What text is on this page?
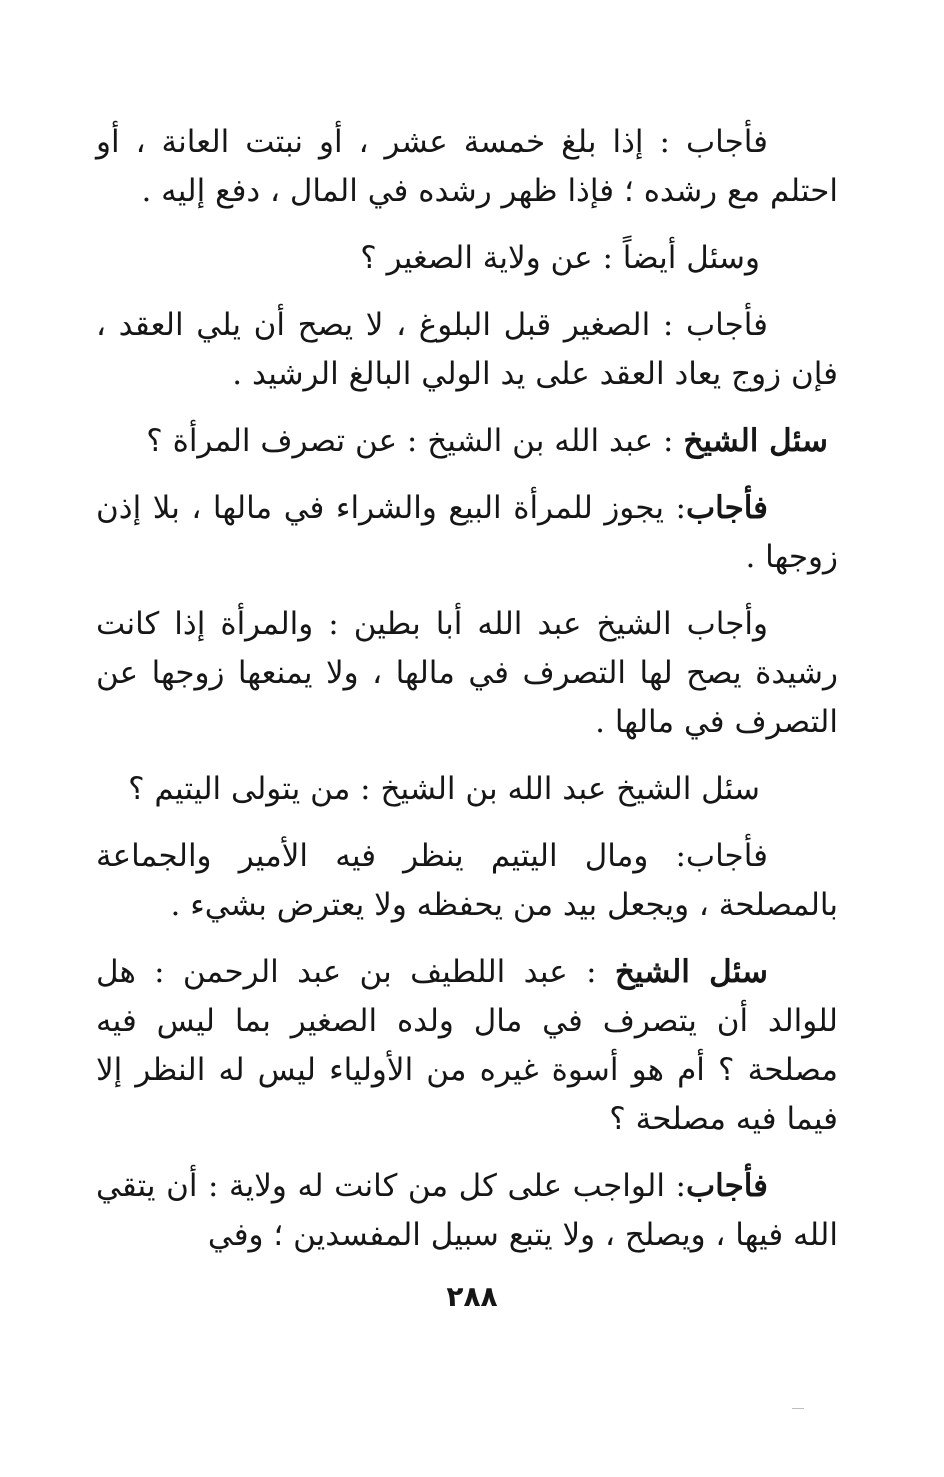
فأجاب : إذا بلغ خمسة عشر ، أو نبتت العانة ، أو احتلم مع رشده ؛ فإذا ظهر رشده في المال ، دفع إليه .

وسئل أيضاً : عن ولاية الصغير ؟

فأجاب : الصغير قبل البلوغ ، لا يصح أن يلي العقد ، فإن زوج يعاد العقد على يد الولي البالغ الرشيد .

سئل الشيخ : عبد الله بن الشيخ : عن تصرف المرأة ؟

فأجاب: يجوز للمرأة البيع والشراء في مالها ، بلا إذن زوجها .

وأجاب الشيخ عبد الله أبا بطين : والمرأة إذا كانت رشيدة يصح لها التصرف في مالها ، ولا يمنعها زوجها عن التصرف في مالها .

سئل الشيخ عبد الله بن الشيخ : من يتولى اليتيم ؟

فأجاب: ومال اليتيم ينظر فيه الأمير والجماعة بالمصلحة ، ويجعل بيد من يحفظه ولا يعترض بشيء .

سئل الشيخ : عبد اللطيف بن عبد الرحمن : هل للوالد أن يتصرف في مال ولده الصغير بما ليس فيه مصلحة ؟ أم هو أسوة غيره من الأولياء ليس له النظر إلا فيما فيه مصلحة ؟

فأجاب: الواجب على كل من كانت له ولاية : أن يتقي الله فيها ، ويصلح ، ولا يتبع سبيل المفسدين ؛ وفي

٢٨٨
